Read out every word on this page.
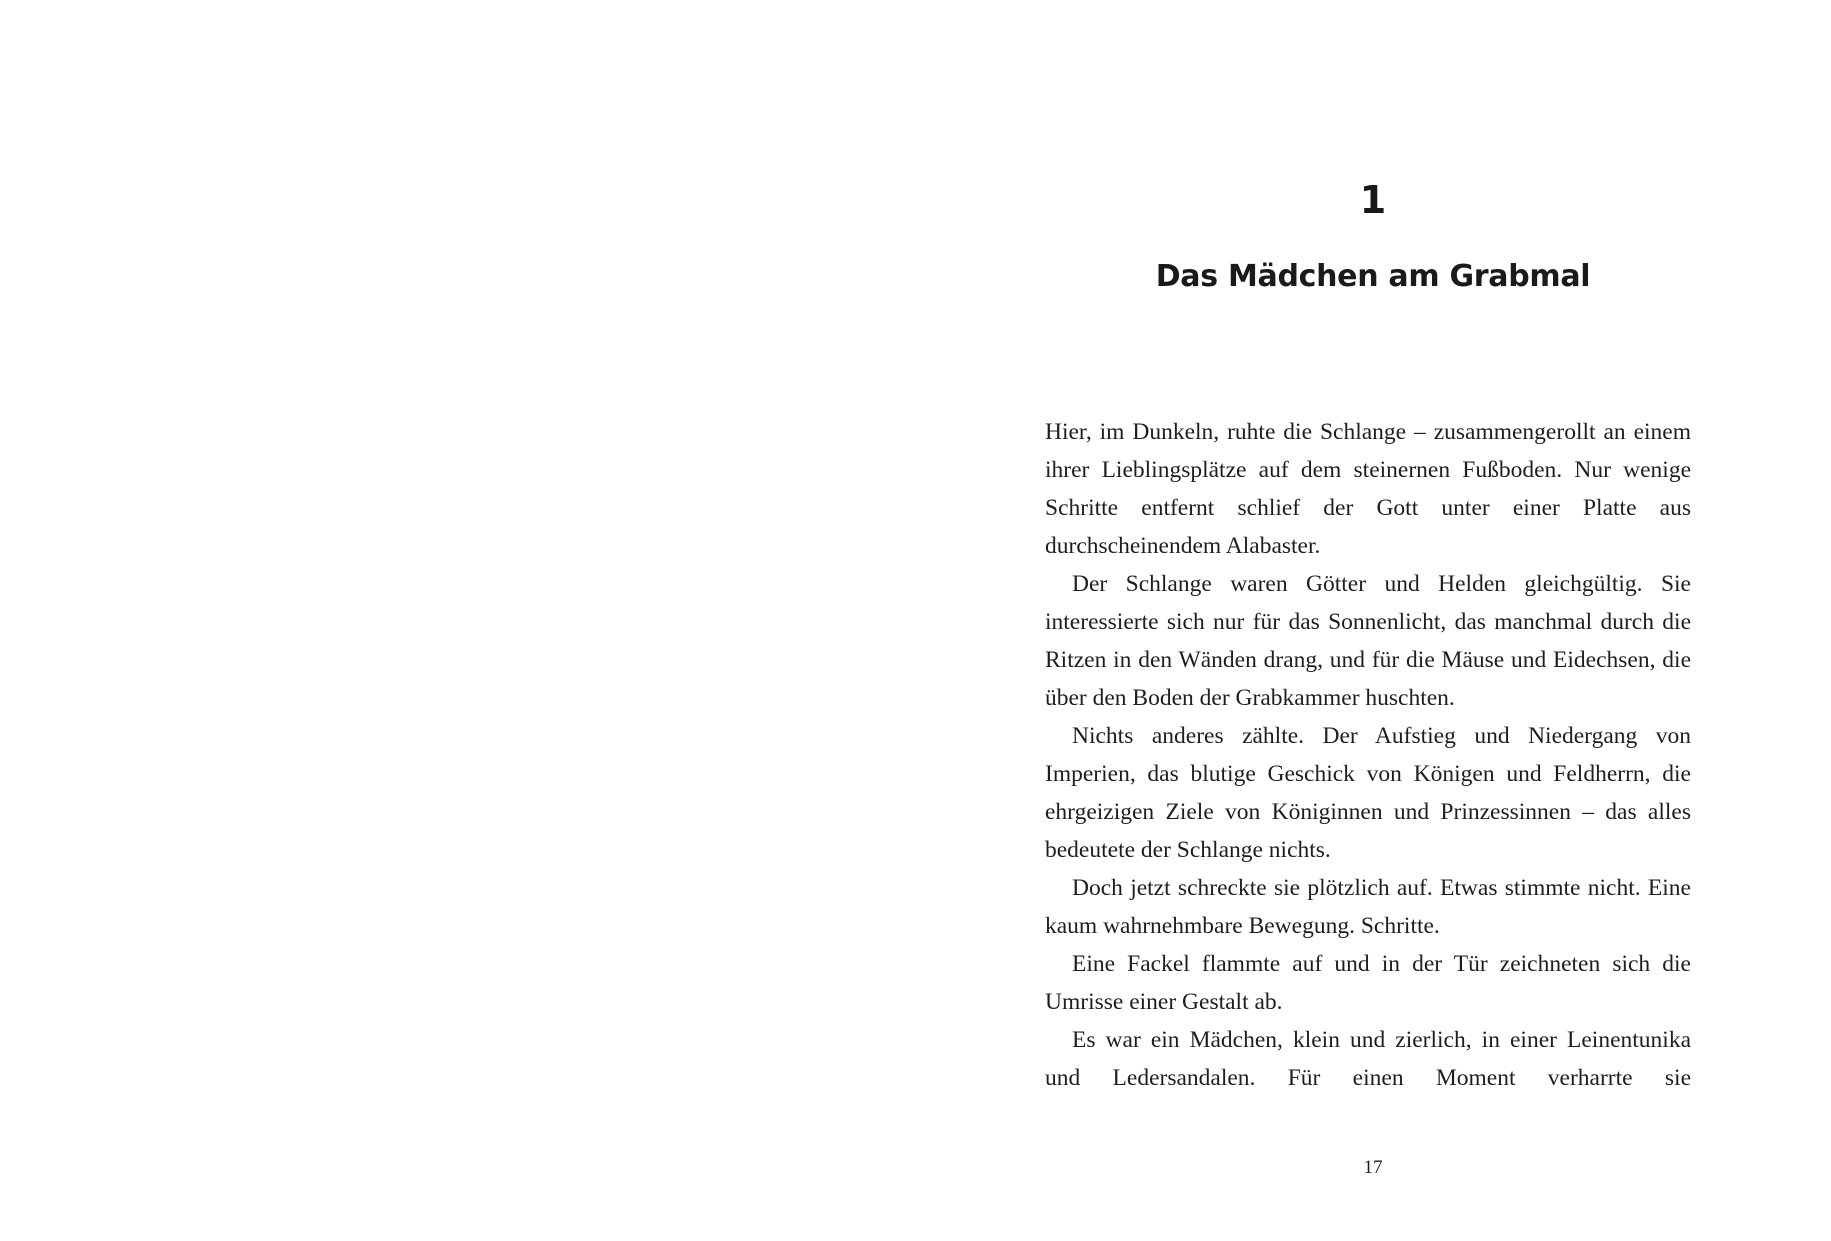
1
Das Mädchen am Grabmal

Hier, im Dunkeln, ruhte die Schlange – zusammengerollt an einem ihrer Lieblingsplätze auf dem steinernen Fußboden. Nur wenige Schritte entfernt schlief der Gott unter einer Platte aus durchscheinendem Alabaster.

Der Schlange waren Götter und Helden gleichgültig. Sie interessierte sich nur für das Sonnenlicht, das manchmal durch die Ritzen in den Wänden drang, und für die Mäuse und Eidechsen, die über den Boden der Grabkammer huschten.

Nichts anderes zählte. Der Aufstieg und Niedergang von Imperien, das blutige Geschick von Königen und Feldherrn, die ehrgeizigen Ziele von Königinnen und Prinzessinnen – das alles bedeutete der Schlange nichts.

Doch jetzt schreckte sie plötzlich auf. Etwas stimmte nicht. Eine kaum wahrnehmbare Bewegung. Schritte.

Eine Fackel flammte auf und in der Tür zeichneten sich die Umrisse einer Gestalt ab.

Es war ein Mädchen, klein und zierlich, in einer Leinentunika und Ledersandalen. Für einen Moment verharrte sie

17
